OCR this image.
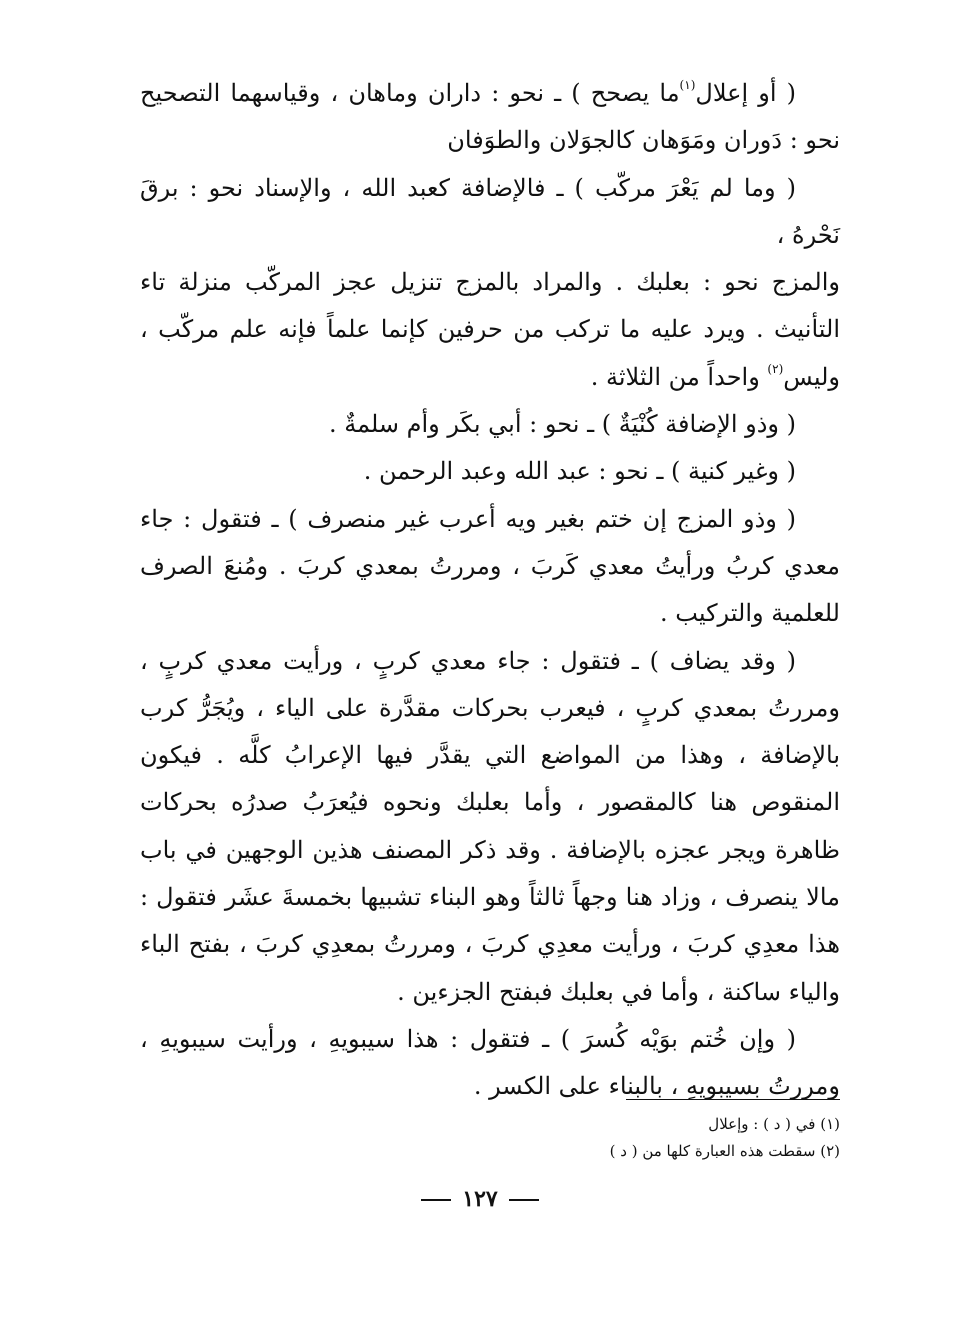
( أو إعلال$^{(١)}$ما يصحح ) ـ نحو : داران وماهان ، وقياسهما التصحيح نحو : دَوران ومَوَهان كالجوَلان والطوَفان

( وما لم يَعْرَ مركّب ) ـ فالإضافة كعبد الله ، والإسناد نحو : برقَ نَحْرهُ ،

والمزج نحو : بعلبك . والمراد بالمزج تنزيل عجز المركّب منزلة تاء التأنيث . ويرد عليه ما تركب من حرفين كإنما علماً فإنه علم مركّب ، وليس$^{(٢)}$ واحداً من الثلاثة .

( وذو الإضافة كُنْيَةٌ ) ـ نحو : أبي بكَر وأم سلمةٌ .

( وغير كنية ) ـ نحو : عبد الله وعبد الرحمن .

( وذو المزج إن ختم بغير ويه أعرب غير منصرف ) ـ فتقول : جاء معدي كربُ ورأيتُ معدي كَربَ ، ومررتُ بمعدي كربَ . ومُنعَ الصرف للعلمية والتركيب .

( وقد يضاف ) ـ فتقول : جاء معدي كربٍ ، ورأيت معدي كربٍ ، ومررتُ بمعدي كربٍ ، فيعرب بحركات مقدَّرة على الياء ، ويُجَرُّ كرب بالإضافة ، وهذا من المواضع التي يقدَّر فيها الإعرابُ كلَّه . فيكون المنقوص هنا كالمقصور ، وأما بعلبك ونحوه فيُعرَبُ صدرُه بحركات ظاهرة ويجر عجزه بالإضافة . وقد ذكر المصنف هذين الوجهين في باب مالا ينصرف ، وزاد هنا وجهاً ثالثاً وهو البناء تشبيها بخمسةَ عشَر فتقول : هذا معدِي كربَ ، ورأيت معدِي كربَ ، ومررتُ بمعدِي كربَ ، بفتح الباء والياء ساكنة ، وأما في بعلبك فبفتح الجزءين .

( وإن خُتم بوَيْه كُسرَ ) ـ فتقول : هذا سيبويهِ ، ورأيت سيبويهِ ، ومررتُ بسيبويهِ ، بالبناء على الكسر .

(١) في ( د ) : وإعلال
(٢) سقطت هذه العبارة كلها من ( د )
١٢٧
